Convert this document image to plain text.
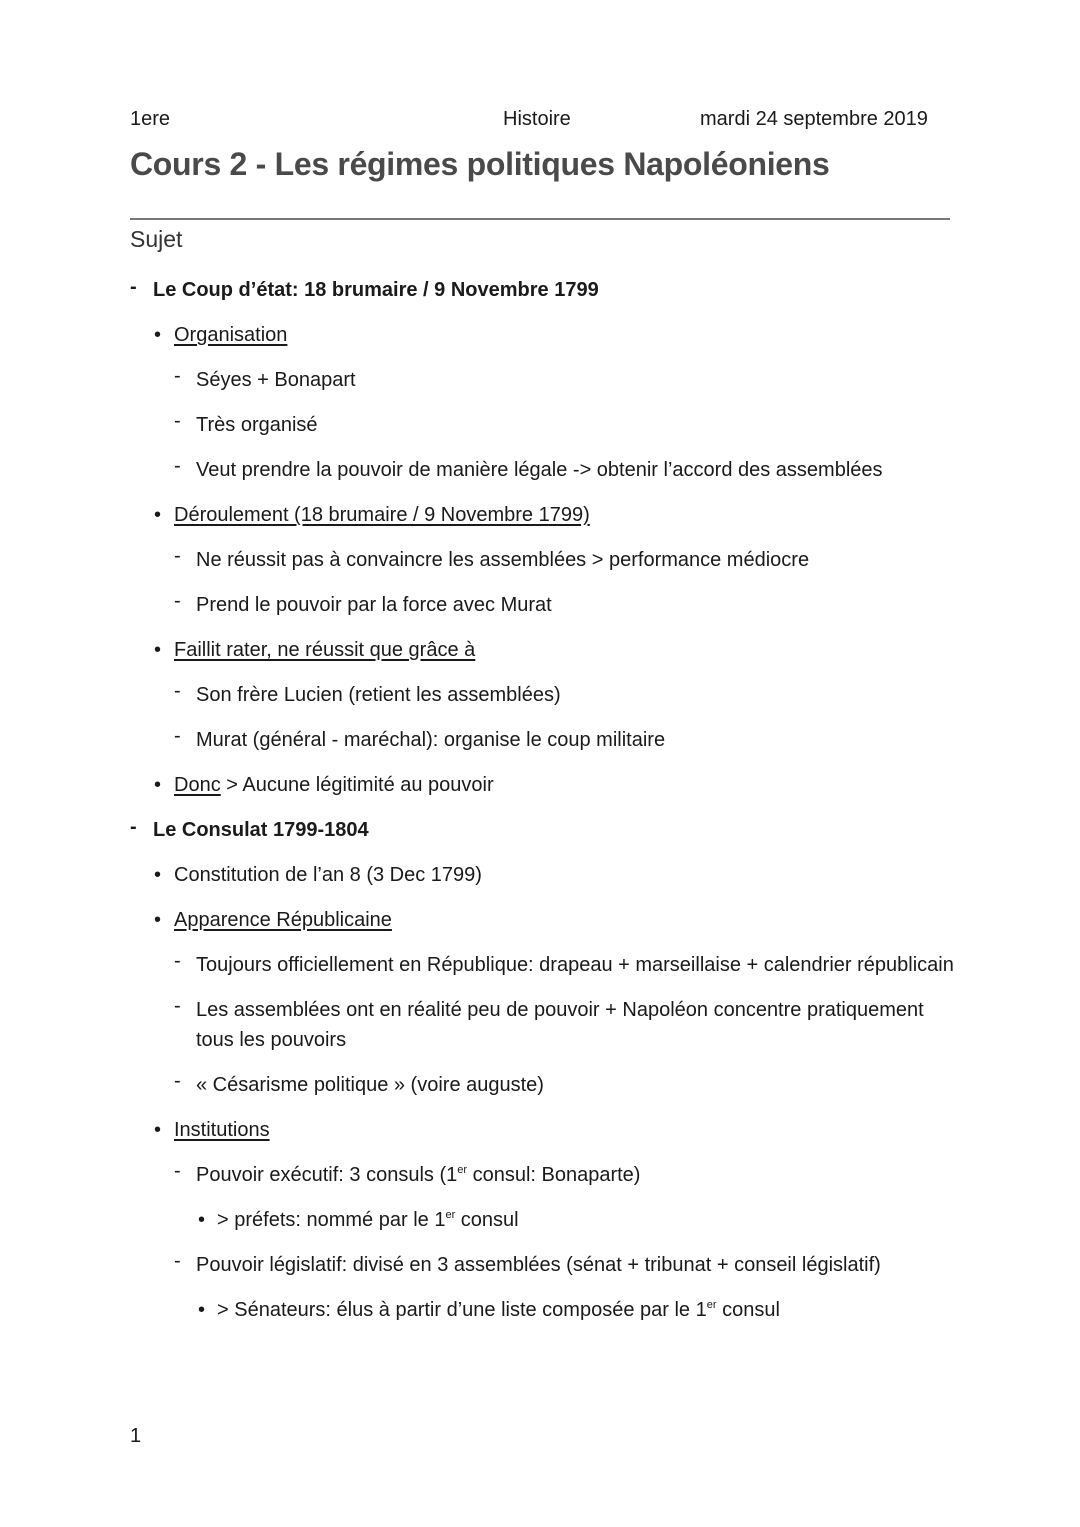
1ere	Histoire	mardi 24 septembre 2019
Cours 2 - Les régimes politiques Napoléoniens
Sujet
- Le Coup d’état: 18 brumaire / 9 Novembre 1799
• Organisation
- Séyes + Bonapart
- Très organisé
- Veut prendre la pouvoir de manière légale -> obtenir l’accord des assemblées
• Déroulement (18 brumaire / 9 Novembre 1799)
- Ne réussit pas à convaincre les assemblées > performance médiocre
- Prend le pouvoir par la force avec Murat
• Faillit rater, ne réussit que grâce à
- Son frère Lucien (retient les assemblées)
- Murat (général - maréchal): organise le coup militaire
• Donc > Aucune légitimité au pouvoir
- Le Consulat 1799-1804
• Constitution de l’an 8 (3 Dec 1799)
• Apparence Républicaine
- Toujours officiellement en République: drapeau + marseillaise + calendrier républicain
- Les assemblées ont en réalité peu de pouvoir + Napoléon concentre pratiquement tous les pouvoirs
- « Césarisme politique » (voire auguste)
• Institutions
- Pouvoir exécutif: 3 consuls (1er consul: Bonaparte)
• > préfets: nommé par le 1er consul
- Pouvoir législatif: divisé en 3 assemblées (sénat + tribunat + conseil législatif)
• > Sénateurs: élus à partir d’une liste composée par le 1er consul
1
